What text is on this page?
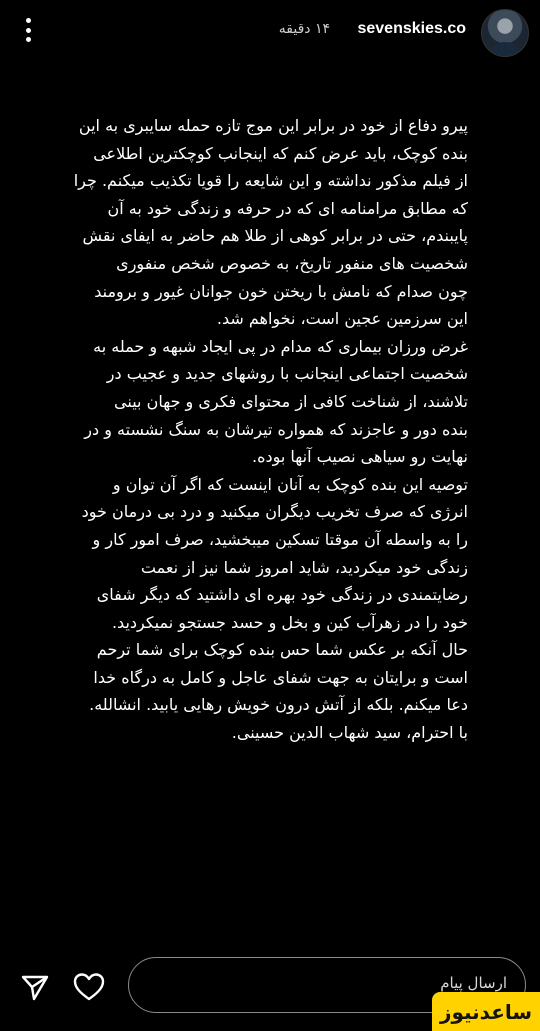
۱۴ دقیقه sevenskies.co
پیرو دفاع از خود در برابر این موج تازه حمله سایبری به این
بنده کوچک، باید عرض کنم که اینجانب کوچکترین اطلاعی
از فیلم مذکور نداشته و این شایعه را قویا تکذیب میکنم. چرا
که مطابق مرامنامه ای که در حرفه و زندگی خود به آن
پایبندم، حتی در برابر کوهی از طلا هم حاضر به ایفای نقش
شخصیت های منفور تاریخ، به خصوص شخص منفوری
چون صدام که نامش با ریختن خون جوانان غیور و برومند
این سرزمین عجین است، نخواهم شد.
غرض ورزان بیماری که مدام در پی ایجاد شبهه و حمله به
شخصیت اجتماعی اینجانب با روشهای جدید و عجیب در
تلاشند، از شناخت کافی از محتوای فکری و جهان بینی
بنده دور و عاجزند که همواره تیرشان به سنگ نشسته و در
نهایت رو سیاهی نصیب آنها بوده.
توصیه این بنده کوچک به آنان اینست که اگر آن توان و
انرژی که صرف تخریب دیگران میکنید و درد بی درمان خود
را به واسطه آن موقتا تسکین میبخشید، صرف امور کار و
زندگی خود میکردید، شاید امروز شما نیز از نعمت
رضایتمندی در زندگی خود بهره ای داشتید که دیگر شفای
خود را در زهرآب کین و بخل و حسد جستجو نمیکردید.
حال آنکه بر عکس شما حس بنده کوچک برای شما ترحم
است و برایتان به جهت شفای عاجل و کامل به درگاه خدا
دعا میکنم. بلکه از آتش درون خویش رهایی یابید. انشالله.
با احترام، سید شهاب الدین حسینی.
ارسال پیام
ساعدنیوز
